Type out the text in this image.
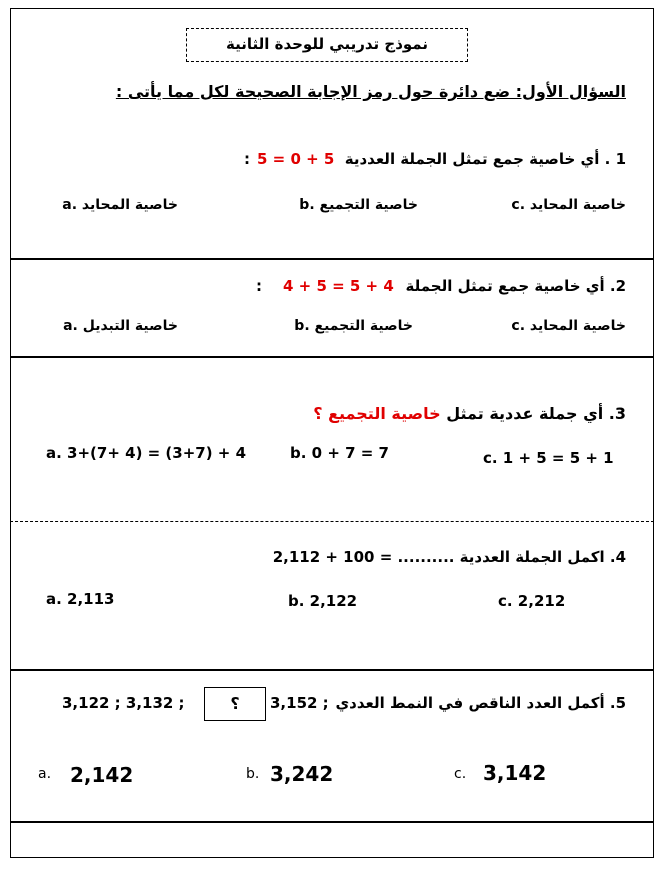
نموذج تدريبي للوحدة الثانية
السؤال الأول: ضع دائرة حول رمز الإجابة الصحيحة لكل مما يأتى :
1 . أي خاصية جمع تمثل الجملة العددية
5 = 0 + 5
:
خاصية المحايد .c
خاصية التجميع .b
خاصية المحايد .a
2. أي خاصية جمع تمثل الجملة
4 + 5 = 5 + 4
:
خاصية المحايد .c
خاصية التجميع .b
خاصية التبديل .a
3. أي جملة عددية تمثل خاصية التجميع ؟
a. 3+(7+ 4) = (3+7) + 4	b. 0 + 7 = 7	c. 1 + 5 = 5 + 1
4. اكمل الجملة العددية .......... = 100 + 2,112
a. 2,113	b. 2,122	c. 2,212
5. أكمل العدد الناقص في النمط العددي
3,152 ;
؟
3,122 ; 3,132 ;
a. 2,142	b. 3,242	c. 3,142
